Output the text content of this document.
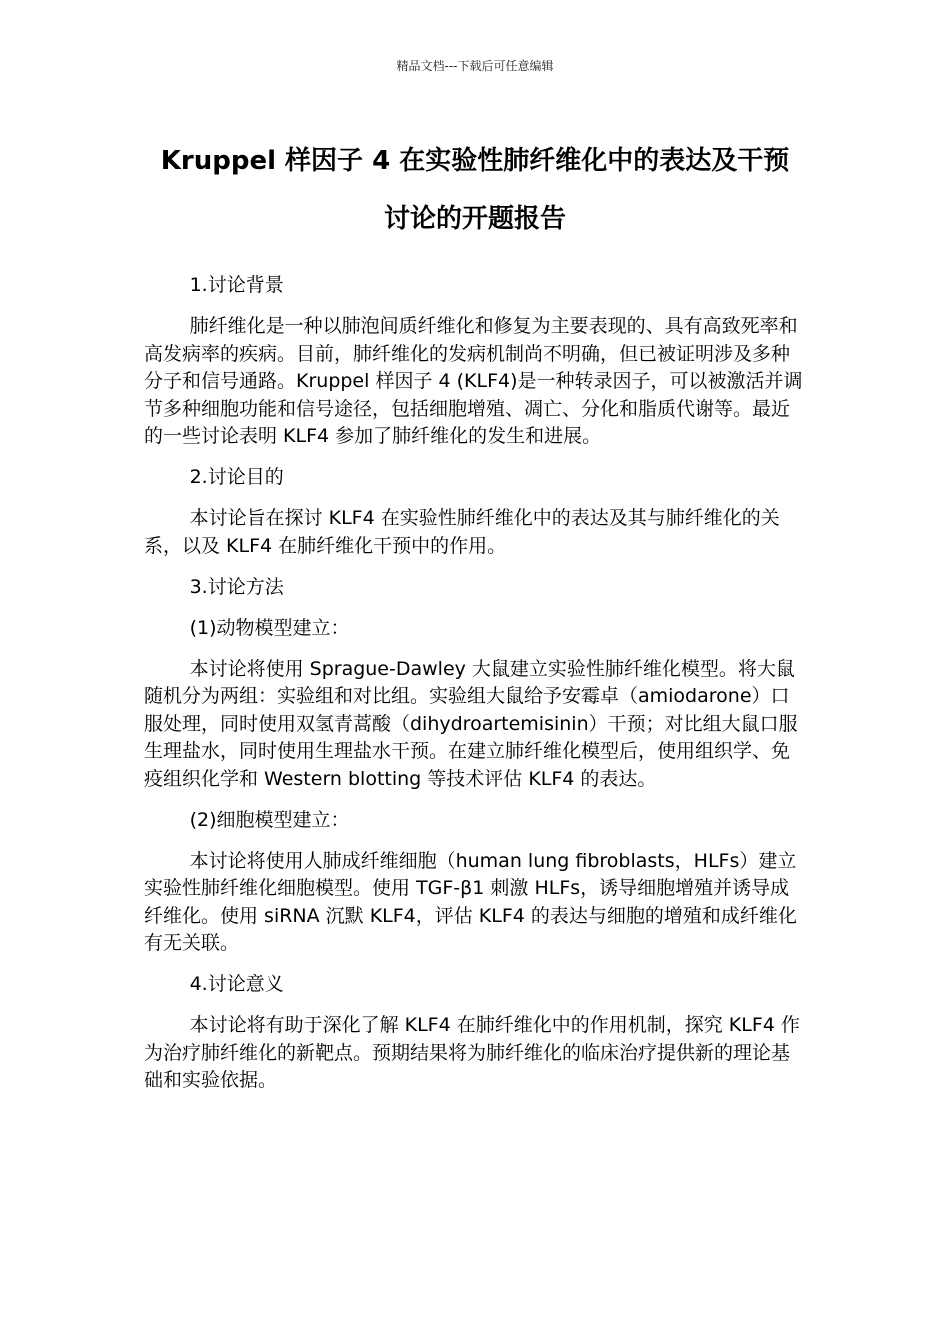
精品文档---下载后可任意编辑
Kruppel 样因子 4 在实验性肺纤维化中的表达及干预
讨论的开题报告

1.讨论背景

肺纤维化是一种以肺泡间质纤维化和修复为主要表现的、具有高致死率和高发病率的疾病。目前，肺纤维化的发病机制尚不明确，但已被证明涉及多种分子和信号通路。Kruppel 样因子 4 (KLF4)是一种转录因子，可以被激活并调节多种细胞功能和信号途径，包括细胞增殖、凋亡、分化和脂质代谢等。最近的一些讨论表明 KLF4 参加了肺纤维化的发生和进展。

2.讨论目的

本讨论旨在探讨 KLF4 在实验性肺纤维化中的表达及其与肺纤维化的关系，以及 KLF4 在肺纤维化干预中的作用。

3.讨论方法

(1)动物模型建立：

本讨论将使用 Sprague-Dawley 大鼠建立实验性肺纤维化模型。将大鼠随机分为两组：实验组和对比组。实验组大鼠给予安霉卓（amiodarone）口服处理，同时使用双氢青蒿酸（dihydroartemisinin）干预；对比组大鼠口服生理盐水，同时使用生理盐水干预。在建立肺纤维化模型后，使用组织学、免疫组织化学和 Western blotting 等技术评估 KLF4 的表达。

(2)细胞模型建立：

本讨论将使用人肺成纤维细胞（human lung fibroblasts，HLFs）建立实验性肺纤维化细胞模型。使用 TGF-β1 刺激 HLFs，诱导细胞增殖并诱导成纤维化。使用 siRNA 沉默 KLF4，评估 KLF4 的表达与细胞的增殖和成纤维化有无关联。

4.讨论意义

本讨论将有助于深化了解 KLF4 在肺纤维化中的作用机制，探究 KLF4 作为治疗肺纤维化的新靶点。预期结果将为肺纤维化的临床治疗提供新的理论基础和实验依据。
